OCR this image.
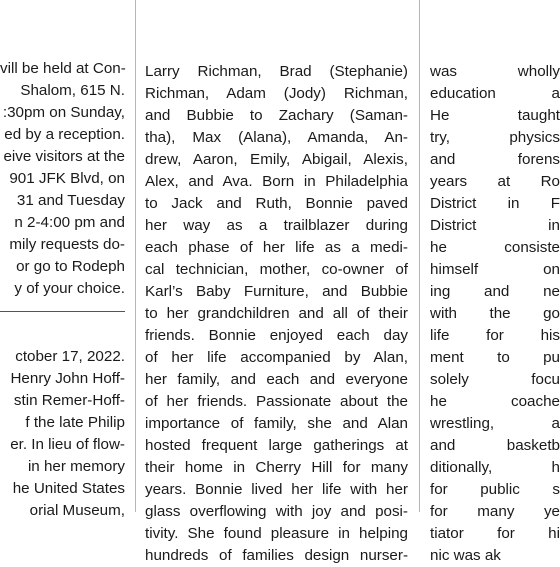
vill be held at Con-
Shalom, 615 N.
:30pm on Sunday,
ed by a reception.
eive visitors at the
901 JFK Blvd, on
31 and Tuesday
n 2-4:00 pm and
mily requests do-
or go to Rodeph
y of your choice.
ctober 17, 2022.
Henry John Hoff-
stin Remer-Hoff-
f the late Philip
er. In lieu of flow-
in her memory
he United States
orial Museum,
Larry Richman, Brad (Stephanie)
Richman, Adam (Jody) Richman,
and Bubbie to Zachary (Saman-
tha), Max (Alana), Amanda, An-
drew, Aaron, Emily, Abigail, Alexis,
Alex, and Ava. Born in Philadelphia
to Jack and Ruth, Bonnie paved
her way as a trailblazer during
each phase of her life as a medi-
cal technician, mother, co-owner of
Karl’s Baby Furniture, and Bubbie
to her grandchildren and all of their
friends. Bonnie enjoyed each day
of her life accompanied by Alan,
her family, and each and everyone
of her friends. Passionate about the
importance of family, she and Alan
hosted frequent large gatherings at
their home in Cherry Hill for many
years. Bonnie lived her life with her
glass overflowing with joy and posi-
tivity. She found pleasure in helping
hundreds of families design nurser-
was wholly
education a
He taught
try, physics
and forens
years at Ro
District in F
District in
he consiste
himself on
ing and ne
with the go
life for his
ment to pu
solely focu
he coache
wrestling, a
and basketb
ditionally, h
for public s
for many ye
tiator for hi
nic was ak
